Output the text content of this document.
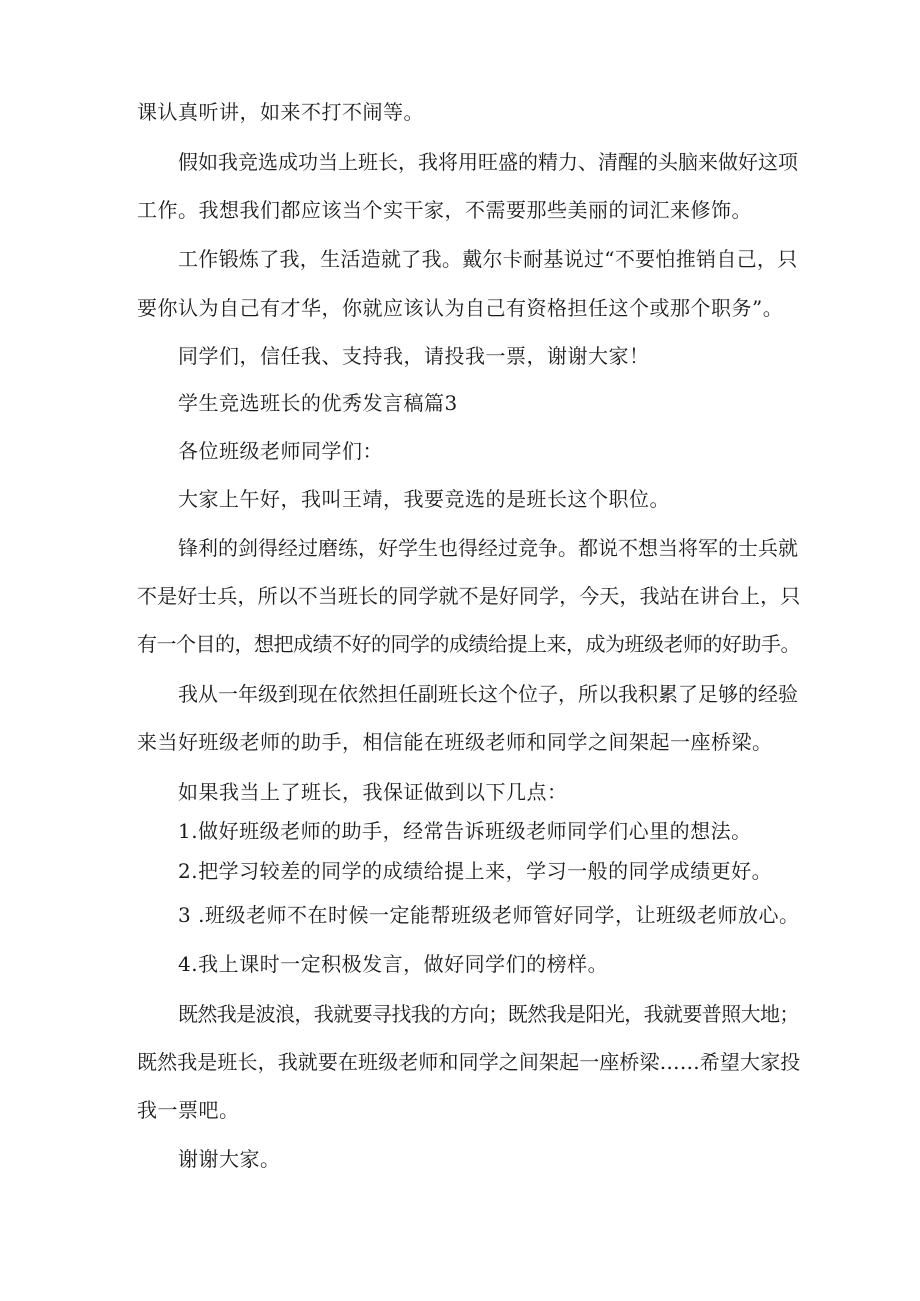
课认真听讲，如来不打不闹等。
假如我竞选成功当上班长，我将用旺盛的精力、清醒的头脑来做好这项
工作。我想我们都应该当个实干家，不需要那些美丽的词汇来修饰。
工作锻炼了我，生活造就了我。戴尔卡耐基说过“不要怕推销自己，只
要你认为自己有才华，你就应该认为自己有资格担任这个或那个职务”。
同学们，信任我、支持我，请投我一票，谢谢大家！
学生竞选班长的优秀发言稿篇3
各位班级老师同学们：
大家上午好，我叫王靖，我要竞选的是班长这个职位。
锋利的剑得经过磨练，好学生也得经过竞争。都说不想当将军的士兵就
不是好士兵，所以不当班长的同学就不是好同学，今天，我站在讲台上，只
有一个目的，想把成绩不好的同学的成绩给提上来，成为班级老师的好助手。
我从一年级到现在依然担任副班长这个位子，所以我积累了足够的经验
来当好班级老师的助手，相信能在班级老师和同学之间架起一座桥梁。
如果我当上了班长，我保证做到以下几点：
1.做好班级老师的助手，经常告诉班级老师同学们心里的想法。
2.把学习较差的同学的成绩给提上来，学习一般的同学成绩更好。
3 .班级老师不在时候一定能帮班级老师管好同学，让班级老师放心。
4.我上课时一定积极发言，做好同学们的榜样。
既然我是波浪，我就要寻找我的方向；既然我是阳光，我就要普照大地；
既然我是班长，我就要在班级老师和同学之间架起一座桥梁……希望大家投
我一票吧。
谢谢大家。
